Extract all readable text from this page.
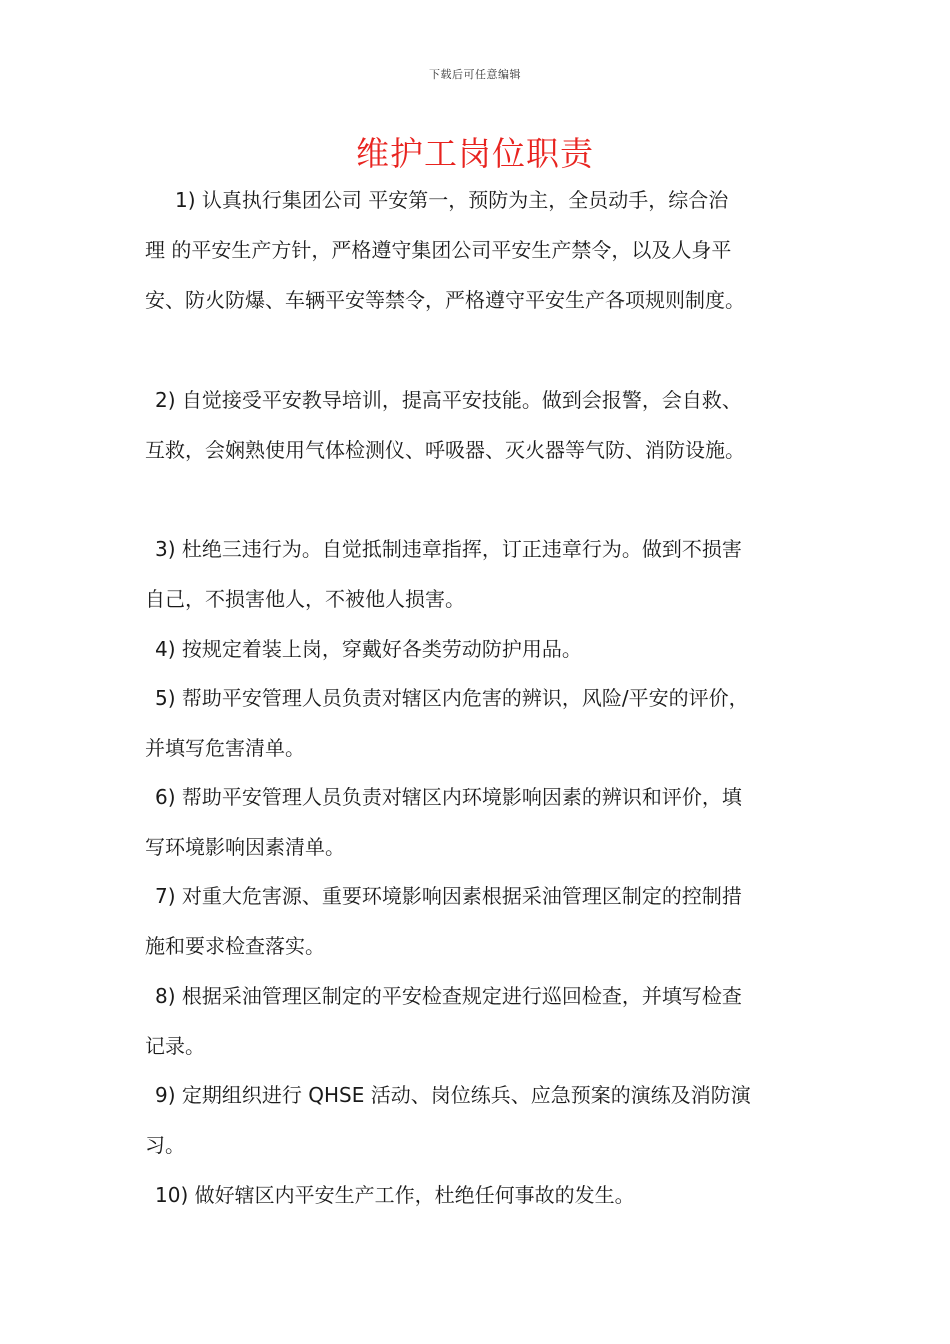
下载后可任意编辑
维护工岗位职责
1) 认真执行集团公司 平安第一，预防为主，全员动手，综合治
理 的平安生产方针，严格遵守集团公司平安生产禁令，以及人身平
安、防火防爆、车辆平安等禁令，严格遵守平安生产各项规则制度。
2) 自觉接受平安教导培训，提高平安技能。做到会报警，会自救、
互救，会娴熟使用气体检测仪、呼吸器、灭火器等气防、消防设施。
3) 杜绝三违行为。自觉抵制违章指挥，订正违章行为。做到不损害
自己，不损害他人，不被他人损害。
4) 按规定着装上岗，穿戴好各类劳动防护用品。
5) 帮助平安管理人员负责对辖区内危害的辨识，风险/平安的评价，
并填写危害清单。
6) 帮助平安管理人员负责对辖区内环境影响因素的辨识和评价，填
写环境影响因素清单。
7) 对重大危害源、重要环境影响因素根据采油管理区制定的控制措
施和要求检查落实。
8) 根据采油管理区制定的平安检查规定进行巡回检查，并填写检查
记录。
9) 定期组织进行 QHSE 活动、岗位练兵、应急预案的演练及消防演
习。
10) 做好辖区内平安生产工作，杜绝任何事故的发生。
